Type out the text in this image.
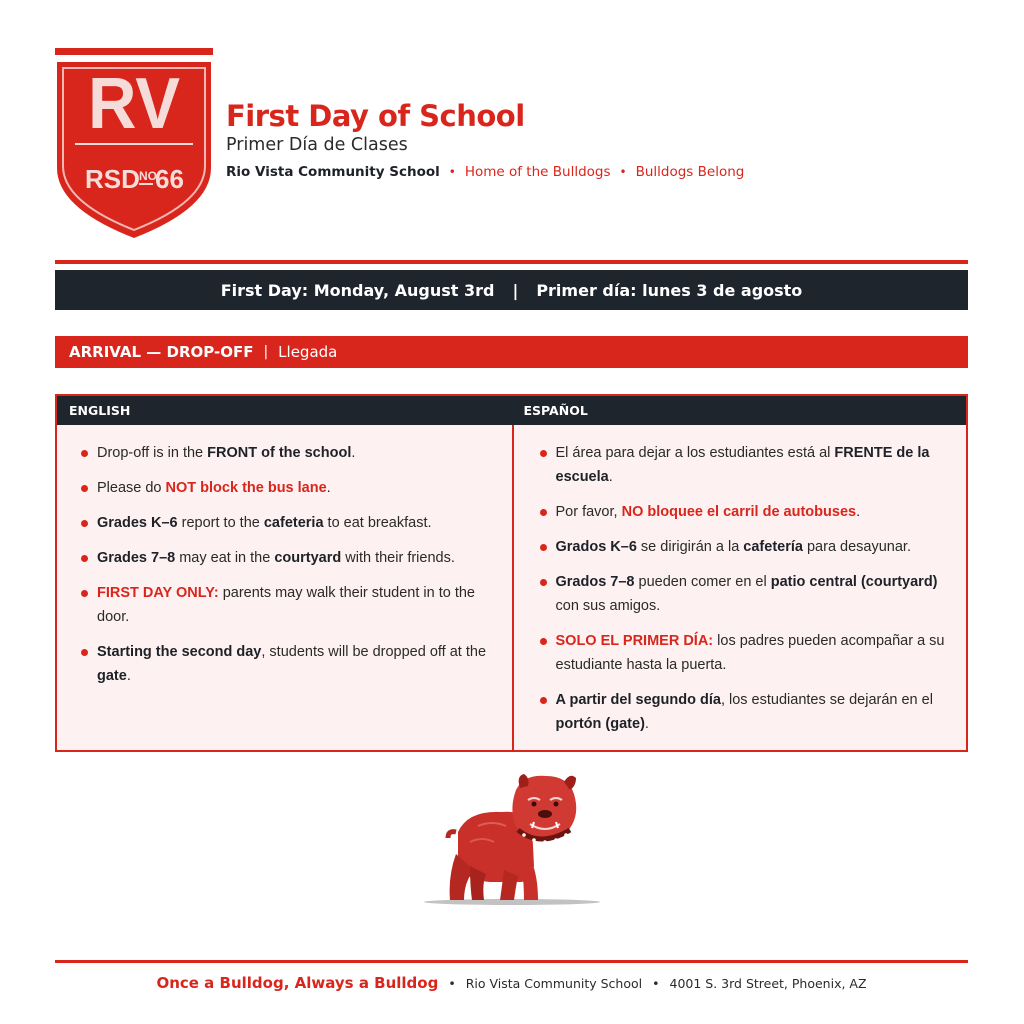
RV
RSD NO
66
First Day of School
Primer Día de Clases
Rio Vista Community School • Home of the Bulldogs • Bulldogs Belong
First Day: Monday, August 3rd | Primer día: lunes 3 de agosto
ARRIVAL — DROP-OFF | Llegada
ENGLISH	ESPAÑOL
Drop-off is in the FRONT of the school.
Please do NOT block the bus lane.
Grades K–6 report to the cafeteria to eat breakfast.
Grades 7–8 may eat in the courtyard with their friends.
FIRST DAY ONLY: parents may walk their student in to the door.
Starting the second day, students will be dropped off at the gate.
El área para dejar a los estudiantes está al FRENTE de la escuela.
Por favor, NO bloquee el carril de autobuses.
Grados K–6 se dirigirán a la cafetería para desayunar.
Grados 7–8 pueden comer en el patio central (courtyard) con sus amigos.
SOLO EL PRIMER DÍA: los padres pueden acompañar a su estudiante hasta la puerta.
A partir del segundo día, los estudiantes se dejarán en el portón (gate).
Once a Bulldog, Always a Bulldog • Rio Vista Community School • 4001 S. 3rd Street, Phoenix, AZ
